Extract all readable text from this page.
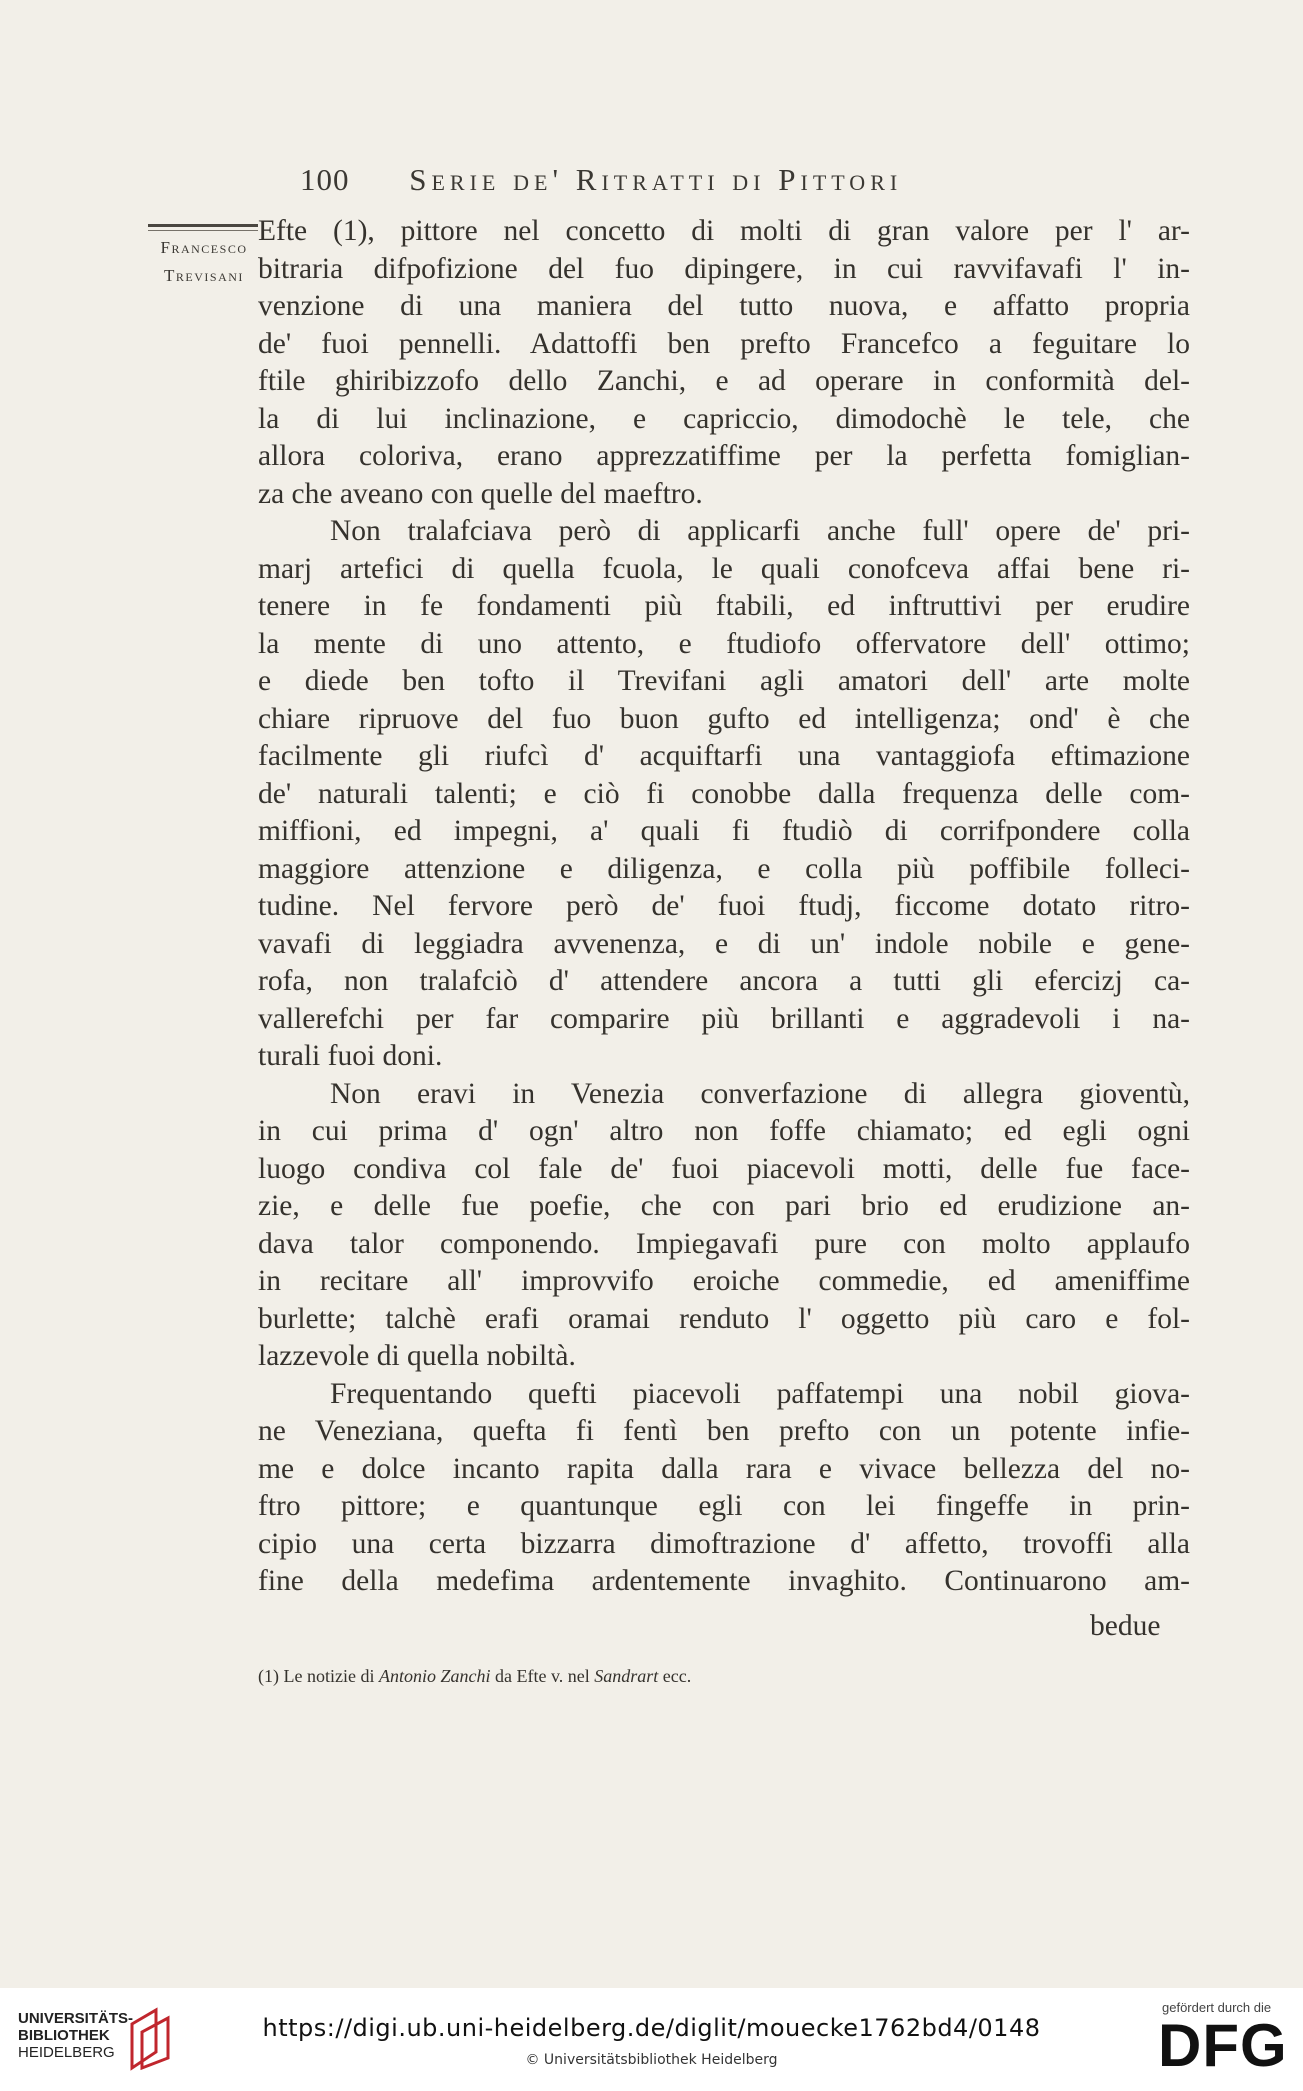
100 Serie de' Ritratti di Pittori
Francesco
Trevisani

Efte (1), pittore nel concetto di molti di gran valore per l' ar-

bitraria difpofizione del fuo dipingere, in cui ravvifavafi l' in-

venzione di una maniera del tutto nuova, e affatto propria

de' fuoi pennelli. Adattoffi ben prefto Francefco a feguitare lo

ftile ghiribizzofo dello Zanchi, e ad operare in conformità del-

la di lui inclinazione, e capriccio, dimodochè le tele, che

allora coloriva, erano apprezzatiffime per la perfetta fomiglian-

za che aveano con quelle del maeftro.

Non tralafciava però di applicarfi anche full' opere de' pri-

marj artefici di quella fcuola, le quali conofceva affai bene ri-

tenere in fe fondamenti più ftabili, ed inftruttivi per erudire

la mente di uno attento, e ftudiofo offervatore dell' ottimo;

e diede ben tofto il Trevifani agli amatori dell' arte molte

chiare ripruove del fuo buon gufto ed intelligenza; ond' è che

facilmente gli riufcì d' acquiftarfi una vantaggiofa eftimazione

de' naturali talenti; e ciò fi conobbe dalla frequenza delle com-

miffioni, ed impegni, a' quali fi ftudiò di corrifpondere colla

maggiore attenzione e diligenza, e colla più poffibile folleci-

tudine. Nel fervore però de' fuoi ftudj, ficcome dotato ritro-

vavafi di leggiadra avvenenza, e di un' indole nobile e gene-

rofa, non tralafciò d' attendere ancora a tutti gli efercizj ca-

vallerefchi per far comparire più brillanti e aggradevoli i na-

turali fuoi doni.

Non eravi in Venezia converfazione di allegra gioventù,

in cui prima d' ogn' altro non foffe chiamato; ed egli ogni

luogo condiva col fale de' fuoi piacevoli motti, delle fue face-

zie, e delle fue poefie, che con pari brio ed erudizione an-

dava talor componendo. Impiegavafi pure con molto applaufo

in recitare all' improvvifo eroiche commedie, ed ameniffime

burlette; talchè erafi oramai renduto l' oggetto più caro e fol-

lazzevole di quella nobiltà.

Frequentando quefti piacevoli paffatempi una nobil giova-

ne Veneziana, quefta fi fentì ben prefto con un potente infie-

me e dolce incanto rapita dalla rara e vivace bellezza del no-

ftro pittore; e quantunque egli con lei fingeffe in prin-

cipio una certa bizzarra dimoftrazione d' affetto, trovoffi alla

fine della medefima ardentemente invaghito. Continuarono am-

bedue
(1) Le notizie di Antonio Zanchi da Efte v. nel Sandrart ecc.
UNIVERSITÄTS-
BIBLIOTHEK
HEIDELBERG
https://digi.ub.uni-heidelberg.de/diglit/mouecke1762bd4/0148
© Universitätsbibliothek Heidelberg
gefördert durch die
DFG
